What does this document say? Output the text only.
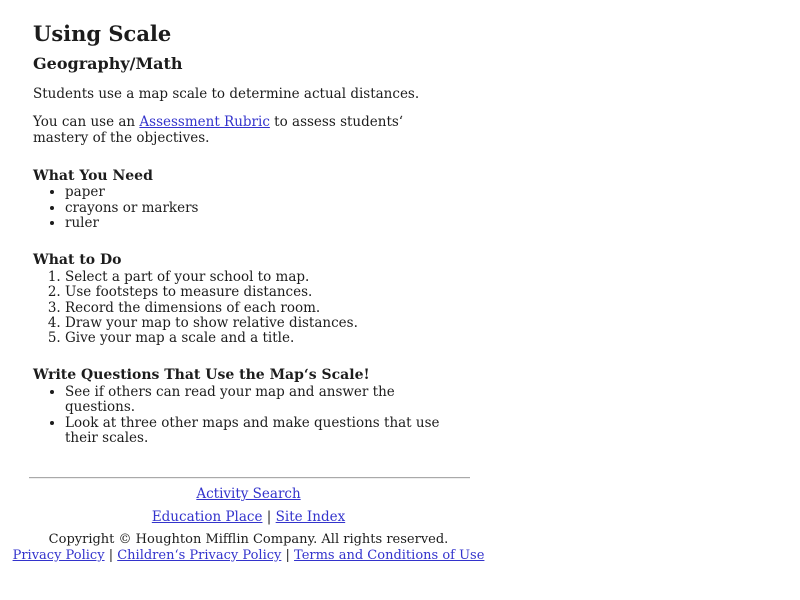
Using Scale
Geography/Math

Students use a map scale to determine actual distances.

You can use an Assessment Rubric to assess students‘ mastery of the objectives.

What You Need
• paper
• crayons or markers
• ruler
What to Do
1. Select a part of your school to map.
2. Use footsteps to measure distances.
3. Record the dimensions of each room.
4. Draw your map to show relative distances.
5. Give your map a scale and a title.
Write Questions That Use the Map‘s Scale!
• See if others can read your map and answer the questions.
• Look at three other maps and make questions that use their scales.

Activity Search

Education Place | Site Index

Copyright © Houghton Mifflin Company. All rights reserved.

Privacy Policy | Children‘s Privacy Policy | Terms and Conditions of Use
